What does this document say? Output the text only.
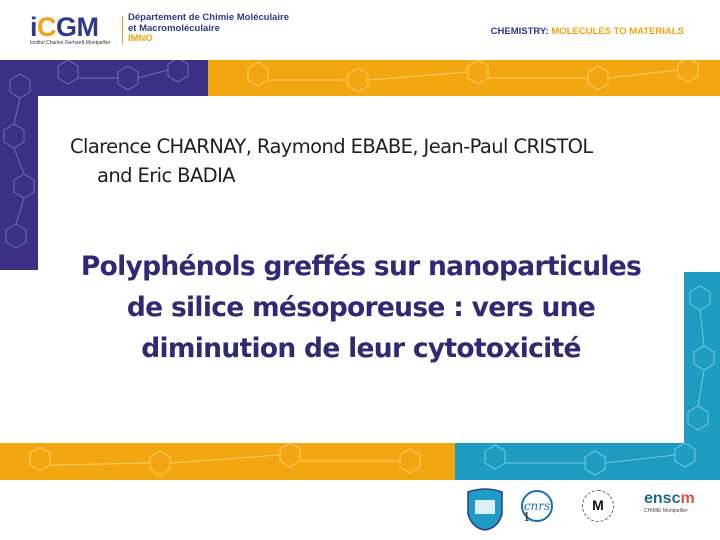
iCGM
Institut Charles Gerhardt Montpellier
Département de Chimie Moléculaire
et Macromoléculaire
IMNO
CHEMISTRY: MOLECULES TO MATERIALS
Clarence CHARNAY, Raymond EBABE, Jean-Paul CRISTOL
and Eric BADIA
Polyphénols greffés sur nanoparticules
de silice mésoporeuse : vers une
diminution de leur cytotoxicité
cnrs
1
M	enscm
CHIMIE Montpellier
